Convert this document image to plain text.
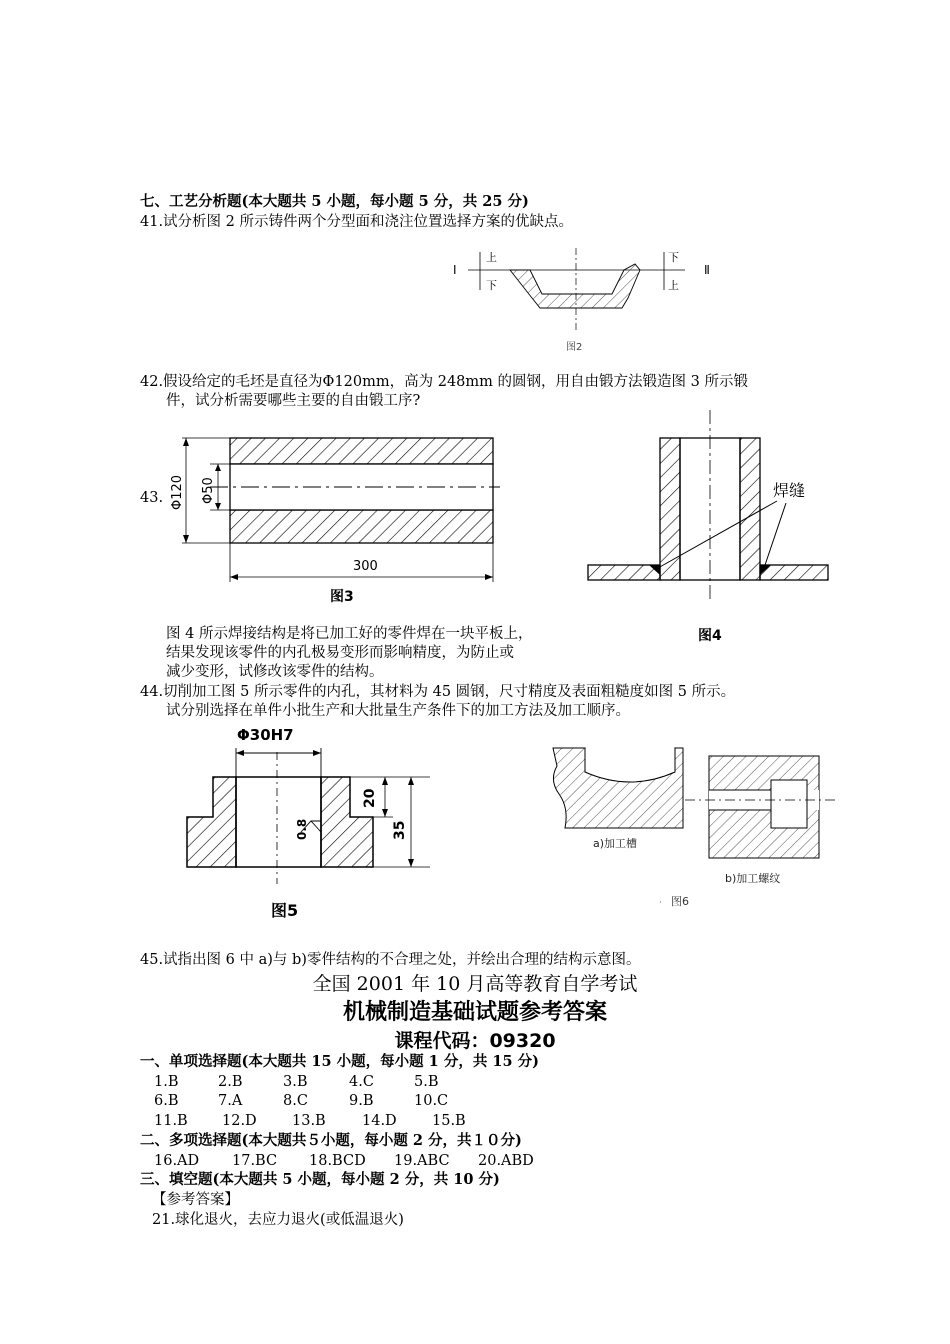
七、工艺分析题(本大题共 5 小题，每小题 5 分，共 25 分)
41.试分析图 2 所示铸件两个分型面和浇注位置选择方案的优缺点。
I
上
下
下
上
Ⅱ
图2
42.假设给定的毛坯是直径为Φ120mm，高为 248mm 的圆钢，用自由锻方法锻造图 3 所示锻
件，试分析需要哪些主要的自由锻工序?
43. Φ120 Φ50
300
图3
焊缝
图4
图 4 所示焊接结构是将已加工好的零件焊在一块平板上，
结果发现该零件的内孔极易变形而影响精度，为防止或
减少变形，试修改该零件的结构。
44.切削加工图 5 所示零件的内孔，其材料为 45 圆钢，尺寸精度及表面粗糙度如图 5 所示。
试分别选择在单件小批生产和大批量生产条件下的加工方法及加工顺序。
Φ30H7
0.8
20
35
图5
a)加工槽
b)加工螺纹
· 图6
45.试指出图 6 中 a)与 b)零件结构的不合理之处，并绘出合理的结构示意图。
全国 2001 年 10 月高等教育自学考试
机械制造基础试题参考答案
课程代码：09320
一、单项选择题(本大题共 15 小题，每小题 1 分，共 15 分)
1.B	2.B	3.B	4.C	5.B
6.B	7.A	8.C	9.B	10.C
11.B 12.D 13.B	14.D 15.B
二、多项选择题(本大题共５小题，每小题 2 分，共１０分)
16.AD 17.BC 18.BCD 19.ABC 20.ABD
三、填空题(本大题共 5 小题，每小题 2 分，共 10 分)
【参考答案】
21.球化退火，去应力退火(或低温退火)
